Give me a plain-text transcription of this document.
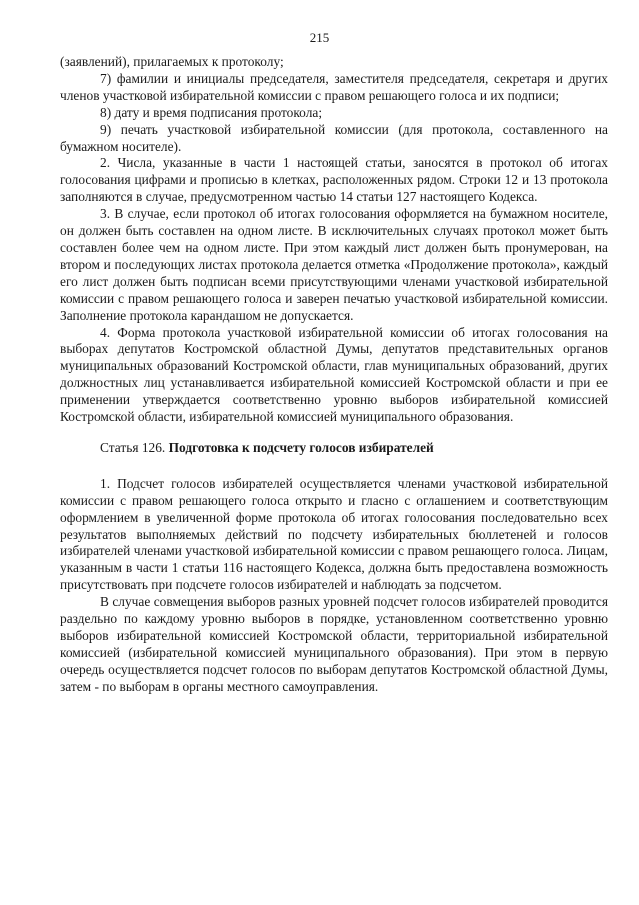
215

(заявлений), прилагаемых к протоколу;

7) фамилии и инициалы председателя, заместителя председателя, секретаря и других членов участковой избирательной комиссии с правом решающего голоса и их подписи;

8) дату и время подписания протокола;

9) печать участковой избирательной комиссии (для протокола, составленного на бумажном носителе).

2. Числа, указанные в части 1 настоящей статьи, заносятся в протокол об итогах голосования цифрами и прописью в клетках, расположенных рядом. Строки 12 и 13 протокола заполняются в случае, предусмотренном частью 14 статьи 127 настоящего Кодекса.

3. В случае, если протокол об итогах голосования оформляется на бумажном носителе, он должен быть составлен на одном листе. В исключительных случаях протокол может быть составлен более чем на одном листе. При этом каждый лист должен быть пронумерован, на втором и последующих листах протокола делается отметка «Продолжение протокола», каждый его лист должен быть подписан всеми присутствующими членами участковой избирательной комиссии с правом решающего голоса и заверен печатью участковой избирательной комиссии. Заполнение протокола карандашом не допускается.

4. Форма протокола участковой избирательной комиссии об итогах голосования на выборах депутатов Костромской областной Думы, депутатов представительных органов муниципальных образований Костромской области, глав муниципальных образований, других должностных лиц устанавливается избирательной комиссией Костромской области и при ее применении утверждается соответственно уровню выборов избирательной комиссией Костромской области, избирательной комиссией муниципального образования.

Статья 126. Подготовка к подсчету голосов избирателей

1. Подсчет голосов избирателей осуществляется членами участковой избирательной комиссии с правом решающего голоса открыто и гласно с оглашением и соответствующим оформлением в увеличенной форме протокола об итогах голосования последовательно всех результатов выполняемых действий по подсчету избирательных бюллетеней и голосов избирателей членами участковой избирательной комиссии с правом решающего голоса. Лицам, указанным в части 1 статьи 116 настоящего Кодекса, должна быть предоставлена возможность присутствовать при подсчете голосов избирателей и наблюдать за подсчетом.

В случае совмещения выборов разных уровней подсчет голосов избирателей проводится раздельно по каждому уровню выборов в порядке, установленном соответственно уровню выборов избирательной комиссией Костромской области, территориальной избирательной комиссией (избирательной комиссией муниципального образования). При этом в первую очередь осуществляется подсчет голосов по выборам депутатов Костромской областной Думы, затем - по выборам в органы местного самоуправления.
